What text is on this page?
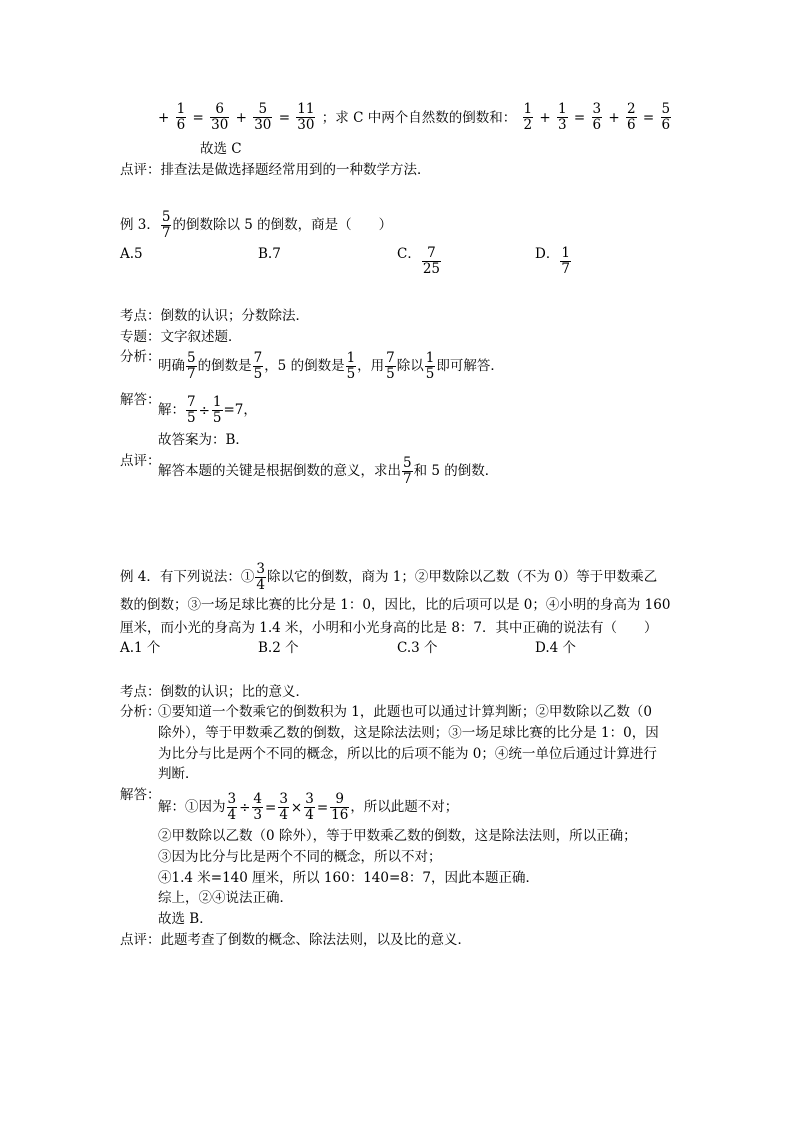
+ $\frac{1}{6} = \frac{6}{30} + \frac{5}{30} = \frac{11}{30}$ ；求 C 中两个自然数的倒数和： $\frac{1}{2} + \frac{1}{3} = \frac{3}{6} + \frac{2}{6} = \frac{5}{6}$
故选 C
点评：排查法是做选择题经常用到的一种数学方法．
例 3． $\frac{5}{7}$ 的倒数除以 5 的倒数，商是（　　）
A.5	B.7	C． $\frac{7}{25}$	D． $\frac{1}{7}$
考点：倒数的认识；分数除法．
专题：文字叙述题．
分析：
明确 $\frac{5}{7}$ 的倒数是 $\frac{7}{5}$ ，5 的倒数是 $\frac{1}{5}$ ，用 $\frac{7}{5}$ 除以 $\frac{1}{5}$ 即可解答．
解答：
解： $\frac{7}{5} \div \frac{1}{5} =7$，
故答案为：B．
点评：
解答本题的关键是根据倒数的意义，求出 $\frac{5}{7}$ 和 5 的倒数．
例 4．有下列说法：① $\frac{3}{4}$ 除以它的倒数，商为 1；②甲数除以乙数（不为 0）等于甲数乘乙
数的倒数；③一场足球比赛的比分是 1：0，因比，比的后项可以是 0；④小明的身高为 160
厘米，而小光的身高为 1.4 米，小明和小光身高的比是 8：7．其中正确的说法有（　　）
A.1 个	B.2 个	C.3 个	D.4 个
考点：倒数的认识；比的意义．
分析：
①要知道一个数乘它的倒数积为 1，此题也可以通过计算判断；②甲数除以乙数（0
除外），等于甲数乘乙数的倒数，这是除法法则；③一场足球比赛的比分是 1：0，因
为比分与比是两个不同的概念，所以比的后项不能为 0；④统一单位后通过计算进行
判断．
解答：
解：①因为 $\frac{3}{4} \div \frac{4}{3} = \frac{3}{4} \times \frac{3}{4} = \frac{9}{16}$ ，所以此题不对；
②甲数除以乙数（0 除外），等于甲数乘乙数的倒数，这是除法法则，所以正确；
③因为比分与比是两个不同的概念，所以不对；
④1.4 米=140 厘米，所以 160：140=8：7，因此本题正确．
综上，②④说法正确．
故选 B．
点评：此题考查了倒数的概念、除法法则，以及比的意义．
